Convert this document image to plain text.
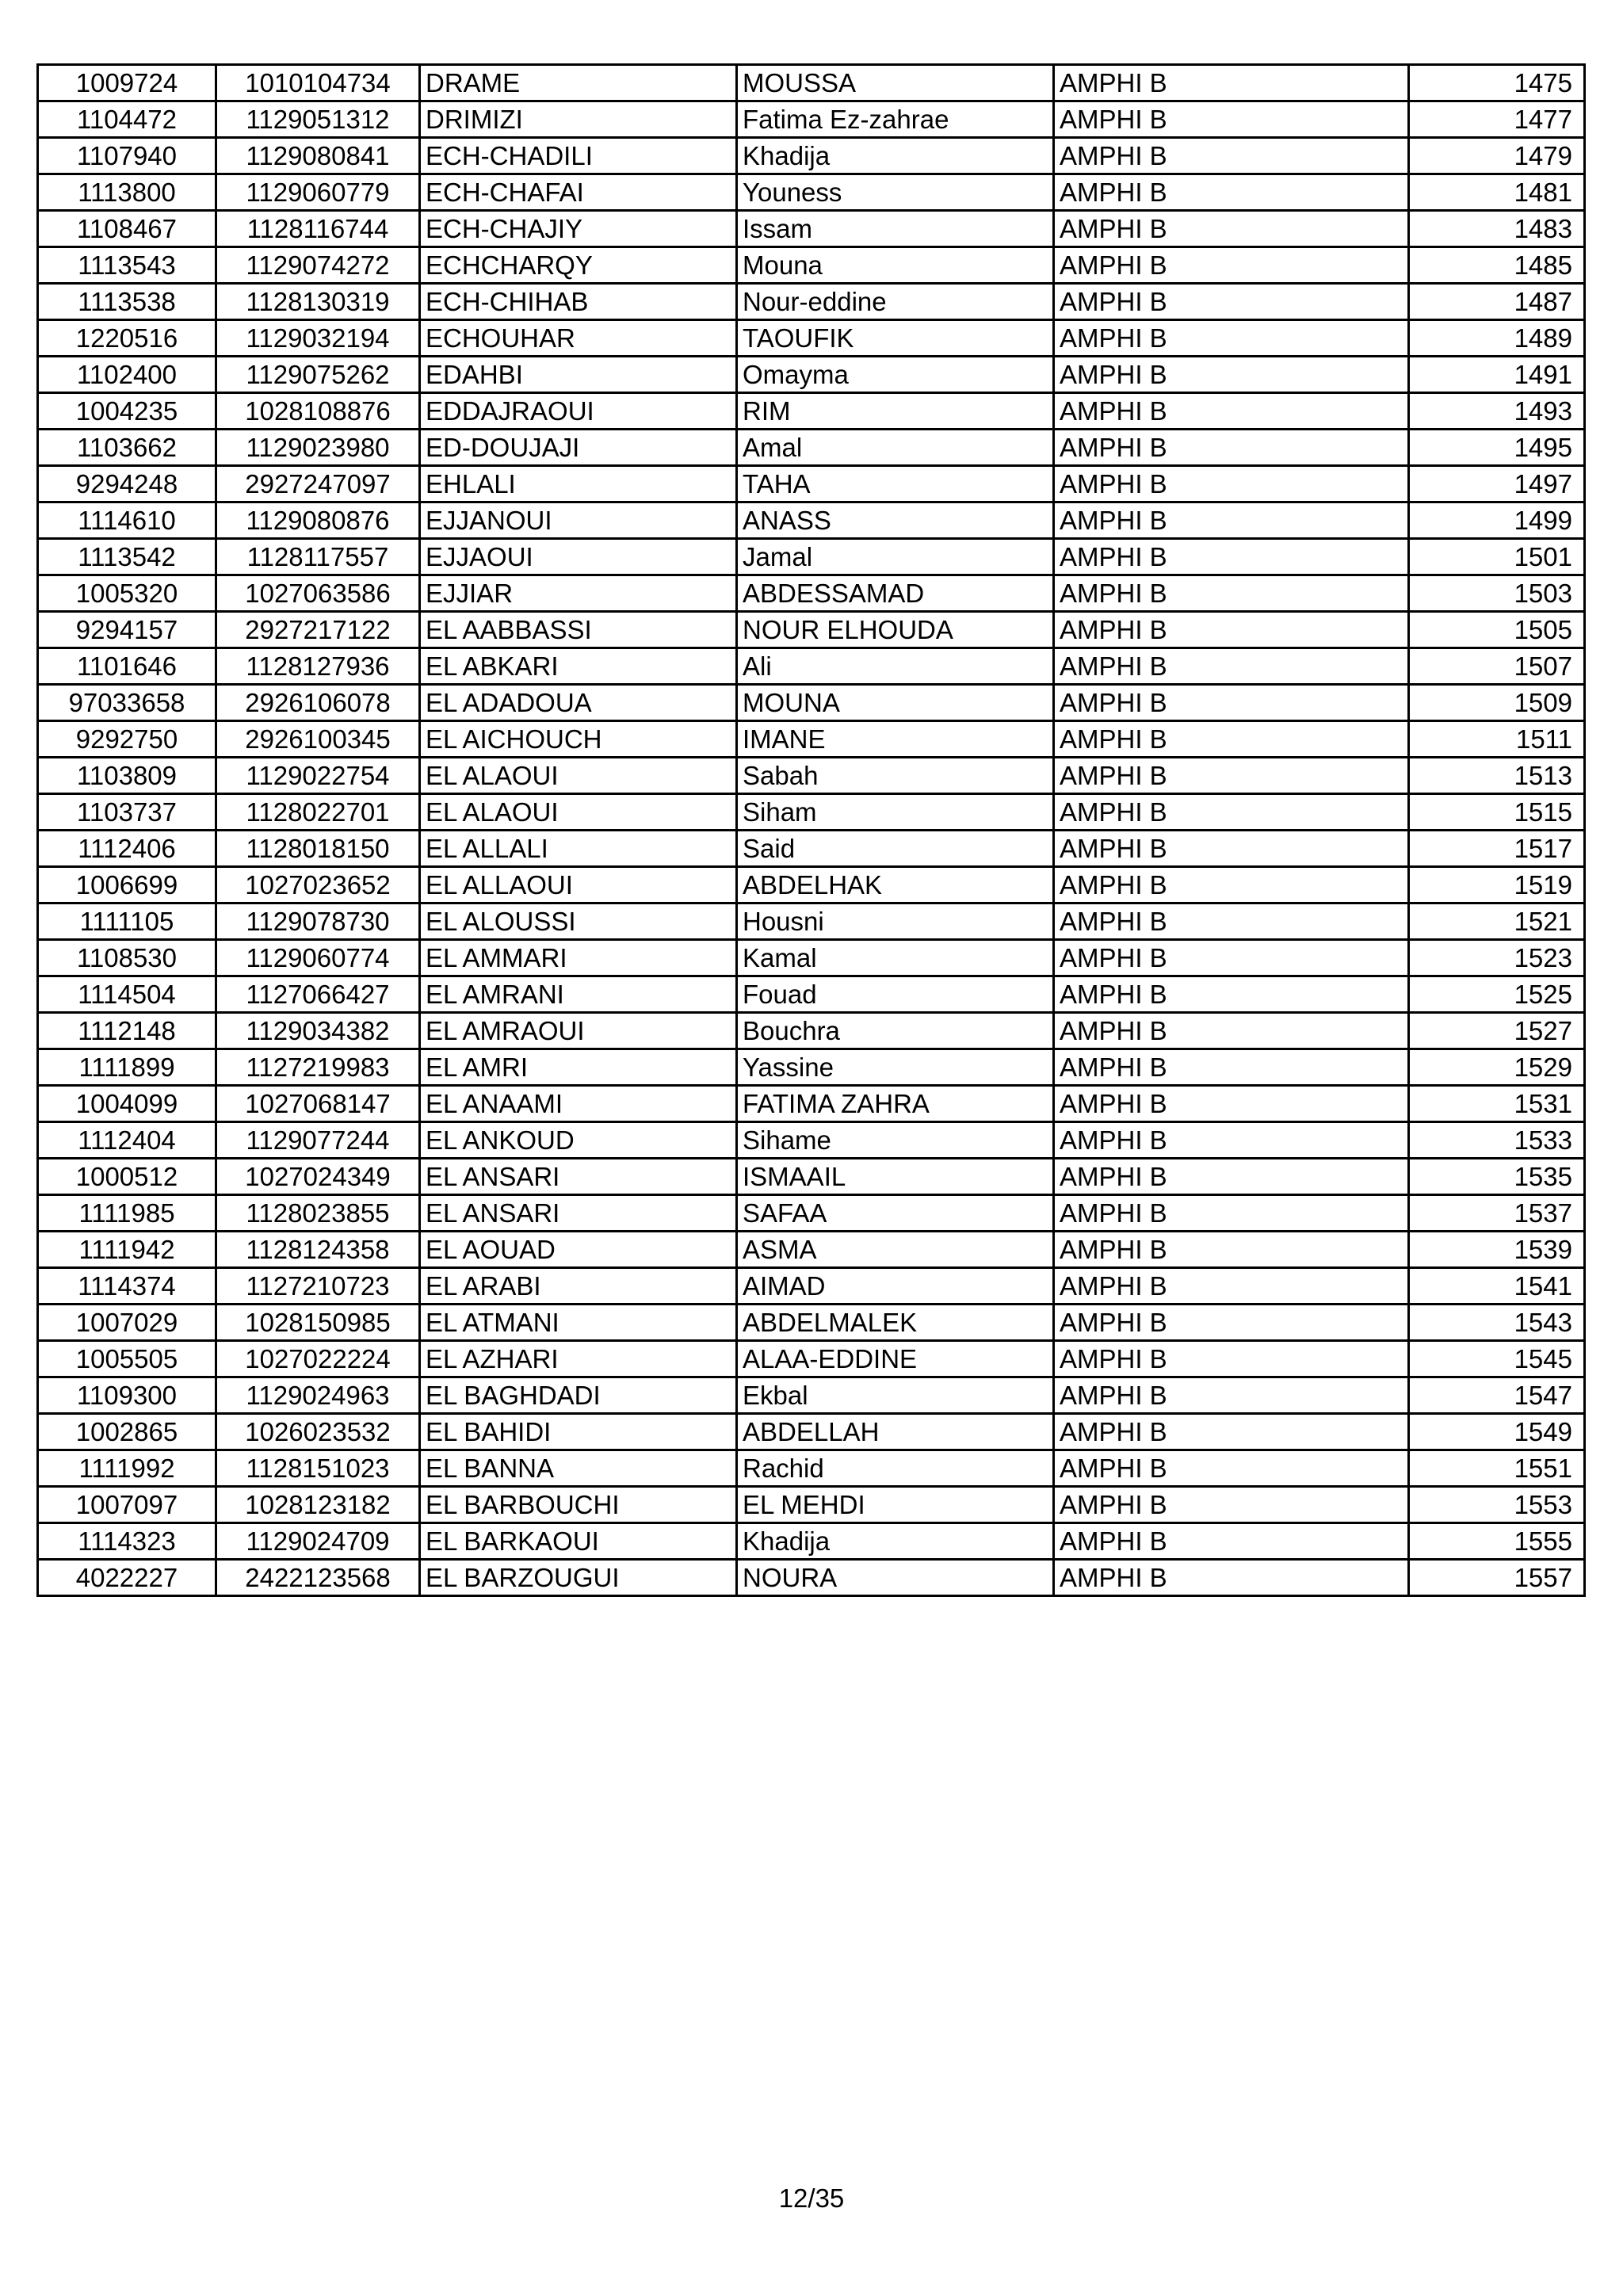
1009724	1010104734	DRAME	MOUSSA	AMPHI B	1475
1104472	1129051312	DRIMIZI	Fatima Ez-zahrae	AMPHI B	1477
1107940	1129080841	ECH-CHADILI	Khadija	AMPHI B	1479
1113800	1129060779	ECH-CHAFAI	Youness	AMPHI B	1481
1108467	1128116744	ECH-CHAJIY	Issam	AMPHI B	1483
1113543	1129074272	ECHCHARQY	Mouna	AMPHI B	1485
1113538	1128130319	ECH-CHIHAB	Nour-eddine	AMPHI B	1487
1220516	1129032194	ECHOUHAR	TAOUFIK	AMPHI B	1489
1102400	1129075262	EDAHBI	Omayma	AMPHI B	1491
1004235	1028108876	EDDAJRAOUI	RIM	AMPHI B	1493
1103662	1129023980	ED-DOUJAJI	Amal	AMPHI B	1495
9294248	2927247097	EHLALI	TAHA	AMPHI B	1497
1114610	1129080876	EJJANOUI	ANASS	AMPHI B	1499
1113542	1128117557	EJJAOUI	Jamal	AMPHI B	1501
1005320	1027063586	EJJIAR	ABDESSAMAD	AMPHI B	1503
9294157	2927217122	EL AABBASSI	NOUR ELHOUDA	AMPHI B	1505
1101646	1128127936	EL ABKARI	Ali	AMPHI B	1507
97033658	2926106078	EL ADADOUA	MOUNA	AMPHI B	1509
9292750	2926100345	EL AICHOUCH	IMANE	AMPHI B	1511
1103809	1129022754	EL ALAOUI	Sabah	AMPHI B	1513
1103737	1128022701	EL ALAOUI	Siham	AMPHI B	1515
1112406	1128018150	EL ALLALI	Said	AMPHI B	1517
1006699	1027023652	EL ALLAOUI	ABDELHAK	AMPHI B	1519
1111105	1129078730	EL ALOUSSI	Housni	AMPHI B	1521
1108530	1129060774	EL AMMARI	Kamal	AMPHI B	1523
1114504	1127066427	EL AMRANI	Fouad	AMPHI B	1525
1112148	1129034382	EL AMRAOUI	Bouchra	AMPHI B	1527
1111899	1127219983	EL AMRI	Yassine	AMPHI B	1529
1004099	1027068147	EL ANAAMI	FATIMA ZAHRA	AMPHI B	1531
1112404	1129077244	EL ANKOUD	Sihame	AMPHI B	1533
1000512	1027024349	EL ANSARI	ISMAAIL	AMPHI B	1535
1111985	1128023855	EL ANSARI	SAFAA	AMPHI B	1537
1111942	1128124358	EL AOUAD	ASMA	AMPHI B	1539
1114374	1127210723	EL ARABI	AIMAD	AMPHI B	1541
1007029	1028150985	EL ATMANI	ABDELMALEK	AMPHI B	1543
1005505	1027022224	EL AZHARI	ALAA-EDDINE	AMPHI B	1545
1109300	1129024963	EL BAGHDADI	Ekbal	AMPHI B	1547
1002865	1026023532	EL BAHIDI	ABDELLAH	AMPHI B	1549
1111992	1128151023	EL BANNA	Rachid	AMPHI B	1551
1007097	1028123182	EL BARBOUCHI	EL MEHDI	AMPHI B	1553
1114323	1129024709	EL BARKAOUI	Khadija	AMPHI B	1555
4022227	2422123568	EL BARZOUGUI	NOURA	AMPHI B	1557
12/35
